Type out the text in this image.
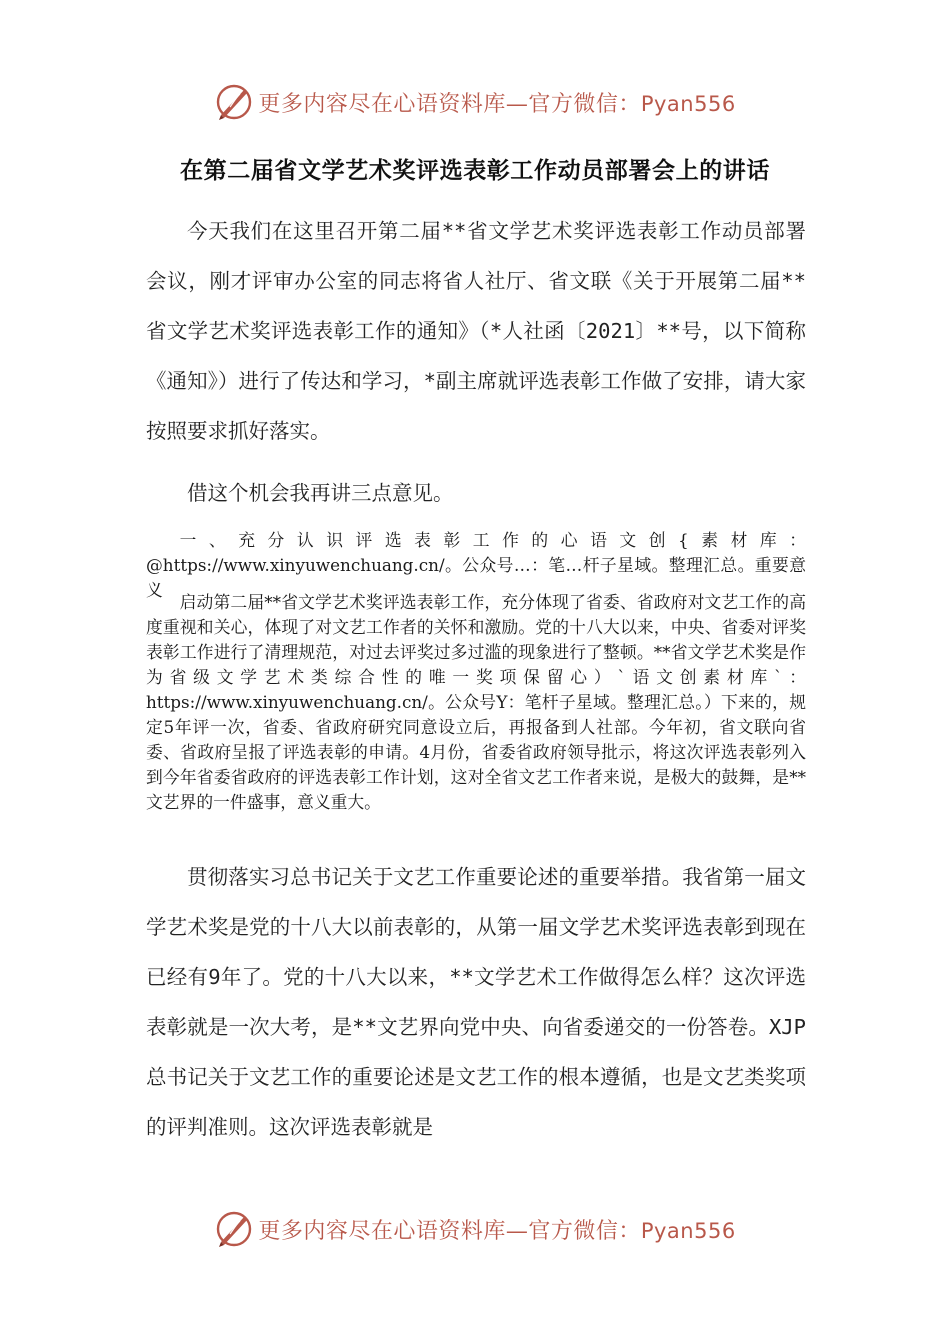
更多内容尽在心语资料库—官方微信：Pyan556
在第二届省文学艺术奖评选表彰工作动员部署会上的讲话

今天我们在这里召开第二届**省文学艺术奖评选表彰工作动员部署会议，刚才评审办公室的同志将省人社厅、省文联《关于开展第二届**省文学艺术奖评选表彰工作的通知》（*人社函〔2021〕**号，以下简称《通知》）进行了传达和学习，*副主席就评选表彰工作做了安排，请大家按照要求抓好落实。

借这个机会我再讲三点意见。

一、充分认识评选表彰工作的心语文创{素材库：@https://www.xinyuwenchuang.cn/。公众号…：笔…杆子星域。整理汇总。重要意义

启动第二届**省文学艺术奖评选表彰工作，充分体现了省委、省政府对文艺工作的高度重视和关心，体现了对文艺工作者的关怀和激励。党的十八大以来，中央、省委对评奖表彰工作进行了清理规范，对过去评奖过多过滥的现象进行了整顿。**省文学艺术奖是作为省级文学艺术类综合性的唯一奖项保留心）`语文创素材库`：https://www.xinyuwenchuang.cn/。公众号Y：笔杆子星域。整理汇总。）下来的，规定5年评一次，省委、省政府研究同意设立后，再报备到人社部。今年初，省文联向省委、省政府呈报了评选表彰的申请。4月份，省委省政府领导批示，将这次评选表彰列入到今年省委省政府的评选表彰工作计划，这对全省文艺工作者来说，是极大的鼓舞，是**文艺界的一件盛事，意义重大。

贯彻落实习总书记关于文艺工作重要论述的重要举措。我省第一届文学艺术奖是党的十八大以前表彰的，从第一届文学艺术奖评选表彰到现在已经有9年了。党的十八大以来，**文学艺术工作做得怎么样？这次评选表彰就是一次大考，是**文艺界向党中央、向省委递交的一份答卷。XJP总书记关于文艺工作的重要论述是文艺工作的根本遵循，也是文艺类奖项的评判准则。这次评选表彰就是

更多内容尽在心语资料库—官方微信：Pyan556
